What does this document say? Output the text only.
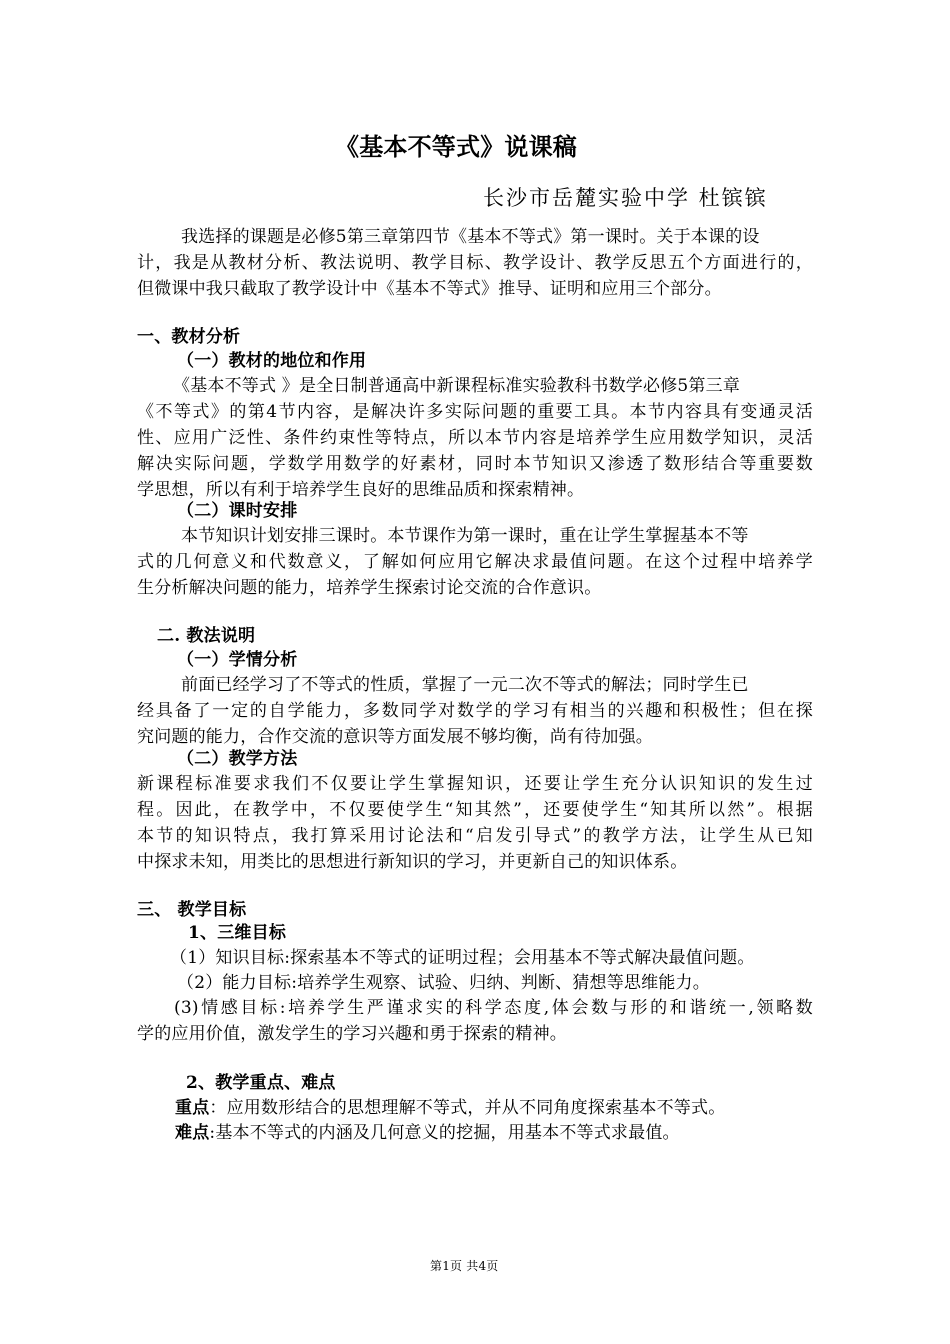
《基本不等式》说课稿
长沙市岳麓实验中学 杜镔镔
我选择的课题是必修5第三章第四节《基本不等式》第一课时。关于本课的设
计，我是从教材分析、教法说明、教学目标、教学设计、教学反思五个方面进行的，
但微课中我只截取了教学设计中《基本不等式》推导、证明和应用三个部分。
一、教材分析
（一）教材的地位和作用
《基本不等式 》是全日制普通高中新课程标准实验教科书数学必修5第三章
《不等式》的第4节内容，是解决许多实际问题的重要工具。本节内容具有变通灵活
性、应用广泛性、条件约束性等特点，所以本节内容是培养学生应用数学知识，灵活
解决实际问题，学数学用数学的好素材，同时本节知识又渗透了数形结合等重要数
学思想，所以有利于培养学生良好的思维品质和探索精神。
（二）课时安排
本节知识计划安排三课时。本节课作为第一课时，重在让学生掌握基本不等
式的几何意义和代数意义，了解如何应用它解决求最值问题。在这个过程中培养学
生分析解决问题的能力，培养学生探索讨论交流的合作意识。
二. 教法说明
（一）学情分析
前面已经学习了不等式的性质，掌握了一元二次不等式的解法；同时学生已
经具备了一定的自学能力，多数同学对数学的学习有相当的兴趣和积极性；但在探
究问题的能力，合作交流的意识等方面发展不够均衡，尚有待加强。
（二）教学方法
新课程标准要求我们不仅要让学生掌握知识，还要让学生充分认识知识的发生过
程。因此，在教学中，不仅要使学生“知其然”，还要使学生“知其所以然”。根据
本节的知识特点，我打算采用讨论法和“启发引导式”的教学方法，让学生从已知
中探求未知，用类比的思想进行新知识的学习，并更新自己的知识体系。
三、 教学目标
1、三维目标
（1）知识目标:探索基本不等式的证明过程；会用基本不等式解决最值问题。
（2）能力目标:培养学生观察、试验、归纳、判断、猜想等思维能力。
(3)情感目标:培养学生严谨求实的科学态度,体会数与形的和谐统一,领略数
学的应用价值，激发学生的学习兴趣和勇于探索的精神。
2、教学重点、难点
重点：应用数形结合的思想理解不等式，并从不同角度探索基本不等式。
难点:基本不等式的内涵及几何意义的挖掘，用基本不等式求最值。
第1页 共4页
